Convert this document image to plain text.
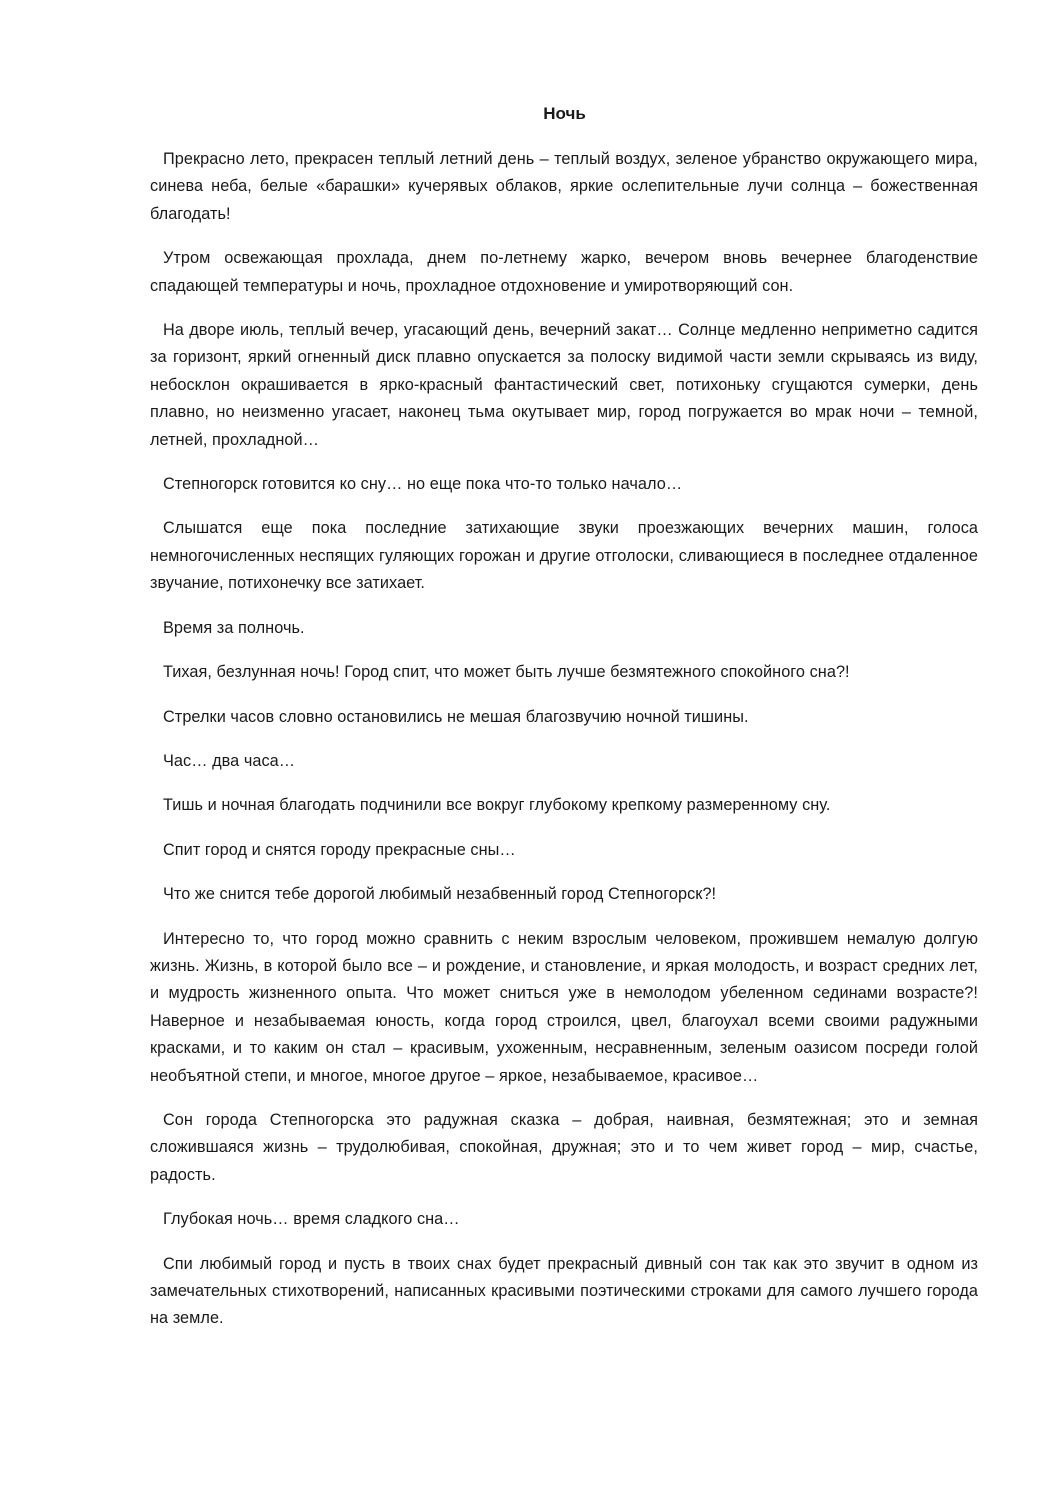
Ночь

Прекрасно лето, прекрасен теплый летний день – теплый воздух, зеленое убранство окружающего мира, синева неба, белые «барашки» кучерявых облаков, яркие ослепительные лучи солнца – божественная благодать!

Утром освежающая прохлада, днем по-летнему жарко, вечером вновь вечернее благоденствие спадающей температуры и ночь, прохладное отдохновение и умиротворяющий сон.

На дворе июль, теплый вечер, угасающий день, вечерний закат… Солнце медленно неприметно садится за горизонт, яркий огненный диск плавно опускается за полоску видимой части земли скрываясь из виду, небосклон окрашивается в ярко-красный фантастический свет, потихоньку сгущаются сумерки, день плавно, но неизменно угасает, наконец тьма окутывает мир, город погружается во мрак ночи – темной, летней, прохладной…

Степногорск готовится ко сну… но еще пока что-то только начало…

Слышатся еще пока последние затихающие звуки проезжающих вечерних машин, голоса немногочисленных неспящих гуляющих горожан и другие отголоски, сливающиеся в последнее отдаленное звучание, потихонечку все затихает.

Время за полночь.

Тихая, безлунная ночь! Город спит, что может быть лучше безмятежного спокойного сна?!

Стрелки часов словно остановились не мешая благозвучию ночной тишины.

Час… два часа…

Тишь и ночная благодать подчинили все вокруг глубокому крепкому размеренному сну.

Спит город и снятся городу прекрасные сны…

Что же снится тебе дорогой любимый незабвенный город Степногорск?!

Интересно то, что город можно сравнить с неким взрослым человеком, прожившем немалую долгую жизнь. Жизнь, в которой было все – и рождение, и становление, и яркая молодость, и возраст средних лет, и мудрость жизненного опыта. Что может сниться уже в немолодом убеленном сединами возрасте?! Наверное и незабываемая юность, когда город строился, цвел, благоухал всеми своими радужными красками, и то каким он стал – красивым, ухоженным, несравненным, зеленым оазисом посреди голой необъятной степи, и многое, многое другое – яркое, незабываемое, красивое…

Сон города Степногорска это радужная сказка – добрая, наивная, безмятежная; это и земная сложившаяся жизнь – трудолюбивая, спокойная, дружная; это и то чем живет город – мир, счастье, радость.

Глубокая ночь… время сладкого сна…

Спи любимый город и пусть в твоих снах будет прекрасный дивный сон так как это звучит в одном из замечательных стихотворений, написанных красивыми поэтическими строками для самого лучшего города на земле.
